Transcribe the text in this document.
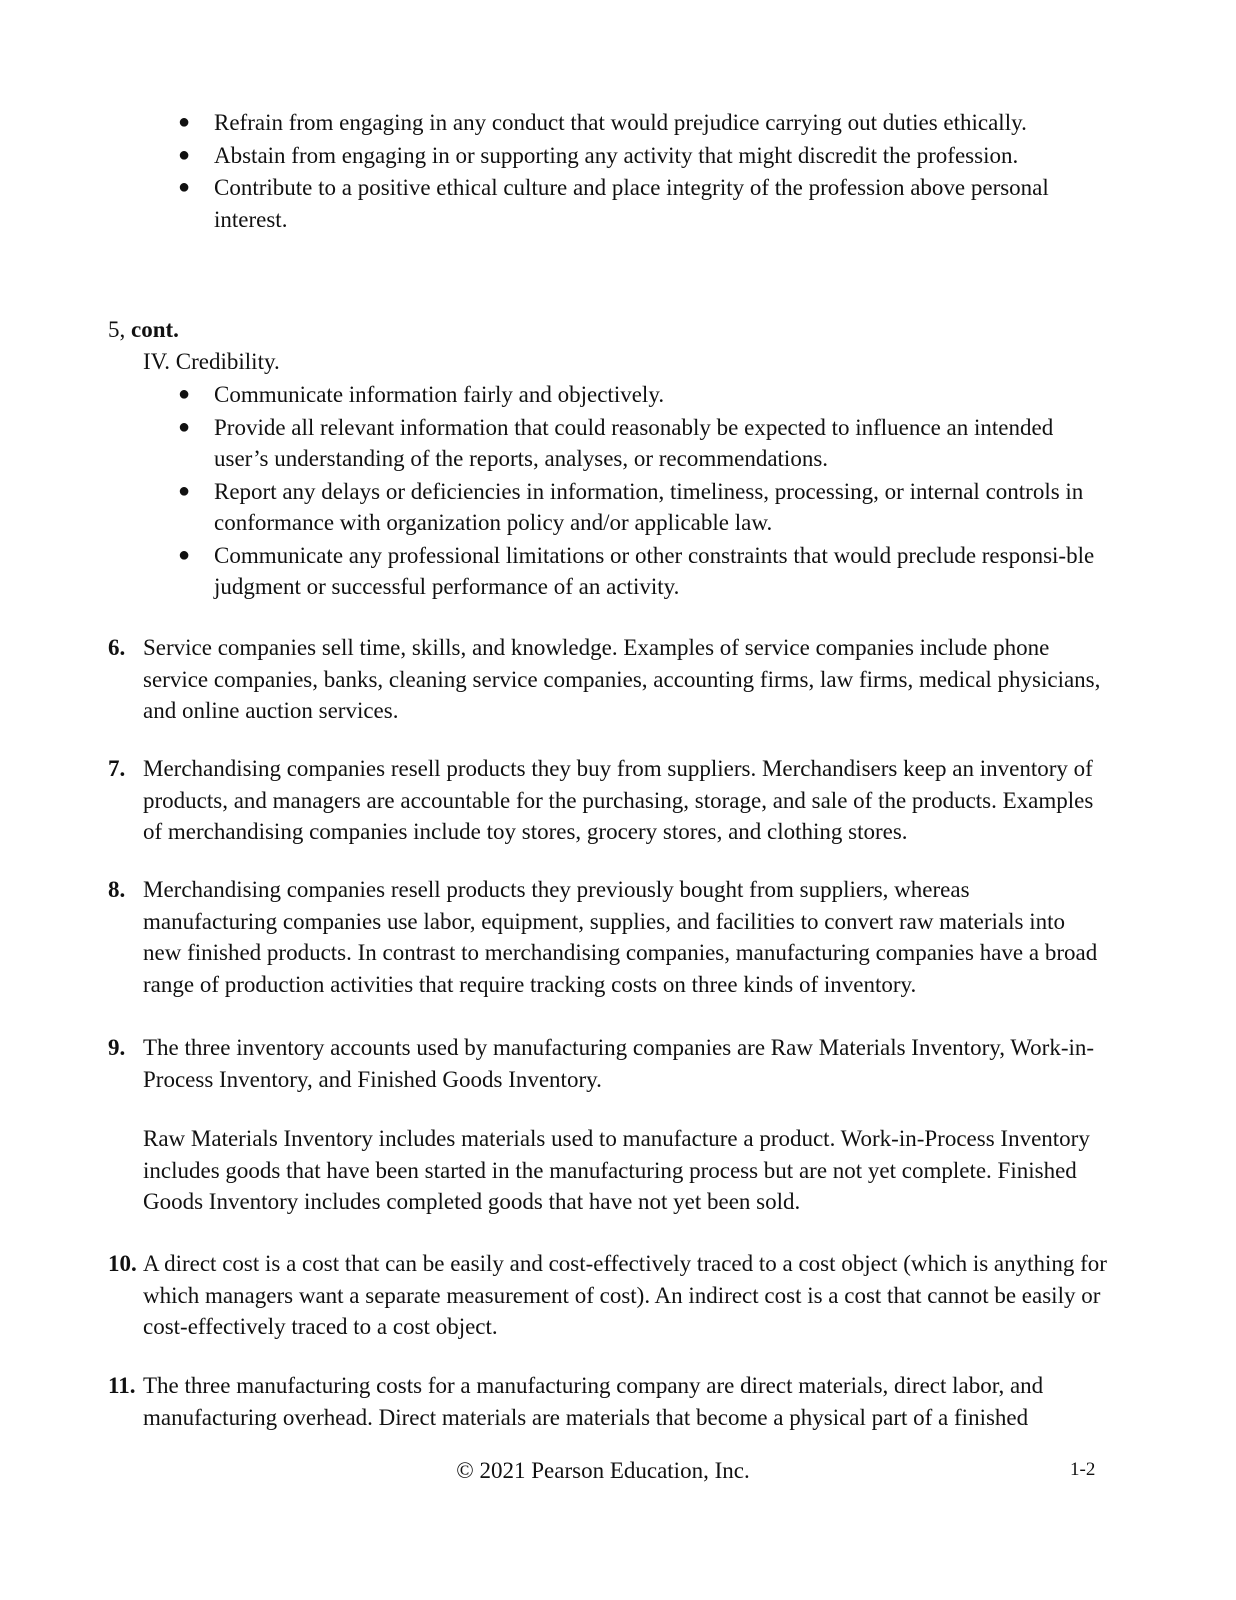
● Refrain from engaging in any conduct that would prejudice carrying out duties ethically.
● Abstain from engaging in or supporting any activity that might discredit the profession.
● Contribute to a positive ethical culture and place integrity of the profession above personal interest.
5, cont.
IV. Credibility.
● Communicate information fairly and objectively.
● Provide all relevant information that could reasonably be expected to influence an intended user’s understanding of the reports, analyses, or recommendations.
● Report any delays or deficiencies in information, timeliness, processing, or internal controls in conformance with organization policy and/or applicable law.
● Communicate any professional limitations or other constraints that would preclude responsi-ble judgment or successful performance of an activity.
6. Service companies sell time, skills, and knowledge. Examples of service companies include phone service companies, banks, cleaning service companies, accounting firms, law firms, medical physicians, and online auction services.
7. Merchandising companies resell products they buy from suppliers. Merchandisers keep an inventory of products, and managers are accountable for the purchasing, storage, and sale of the products. Examples of merchandising companies include toy stores, grocery stores, and clothing stores.
8. Merchandising companies resell products they previously bought from suppliers, whereas manufacturing companies use labor, equipment, supplies, and facilities to convert raw materials into new finished products. In contrast to merchandising companies, manufacturing companies have a broad range of production activities that require tracking costs on three kinds of inventory.
9. The three inventory accounts used by manufacturing companies are Raw Materials Inventory, Work-in-Process Inventory, and Finished Goods Inventory.
Raw Materials Inventory includes materials used to manufacture a product. Work-in-Process Inventory includes goods that have been started in the manufacturing process but are not yet complete. Finished Goods Inventory includes completed goods that have not yet been sold.
10. A direct cost is a cost that can be easily and cost-effectively traced to a cost object (which is anything for which managers want a separate measurement of cost). An indirect cost is a cost that cannot be easily or cost-effectively traced to a cost object.
11. The three manufacturing costs for a manufacturing company are direct materials, direct labor, and manufacturing overhead. Direct materials are materials that become a physical part of a finished
© 2021 Pearson Education, Inc.	1-2
